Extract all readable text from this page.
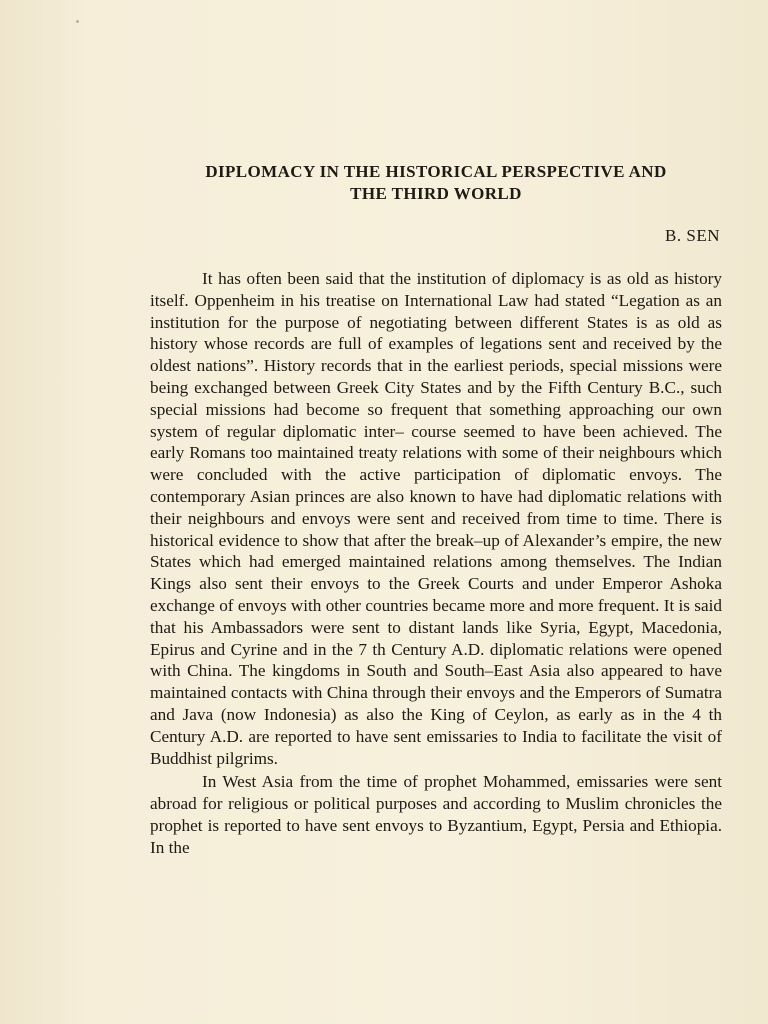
DIPLOMACY IN THE HISTORICAL PERSPECTIVE AND
THE THIRD WORLD

B. SEN

It has often been said that the institution of diplomacy is as old as history itself. Oppenheim in his treatise on International Law had stated “Legation as an institution for the purpose of negotiating between different States is as old as history whose records are full of examples of legations sent and received by the oldest nations”. History records that in the earliest periods, special missions were being exchanged between Greek City States and by the Fifth Century B.C., such special missions had become so frequent that something approaching our own system of regular diplomatic inter– course seemed to have been achieved. The early Romans too maintained treaty relations with some of their neighbours which were concluded with the active participation of diplomatic envoys. The contemporary Asian princes are also known to have had diplomatic relations with their neighbours and envoys were sent and received from time to time. There is historical evidence to show that after the break–up of Alexander’s empire, the new States which had emerged maintained relations among themselves. The Indian Kings also sent their envoys to the Greek Courts and under Emperor Ashoka exchange of envoys with other countries became more and more frequent. It is said that his Ambassadors were sent to distant lands like Syria, Egypt, Macedonia, Epirus and Cyrine and in the 7 th Century A.D. diplomatic relations were opened with China. The kingdoms in South and South–East Asia also appeared to have maintained contacts with China through their envoys and the Emperors of Sumatra and Java (now Indonesia) as also the King of Ceylon, as early as in the 4 th Century A.D. are reported to have sent emissaries to India to facilitate the visit of Buddhist pilgrims.

In West Asia from the time of prophet Mohammed, emissaries were sent abroad for religious or political purposes and according to Muslim chronicles the prophet is reported to have sent envoys to Byzantium, Egypt, Persia and Ethiopia. In the
